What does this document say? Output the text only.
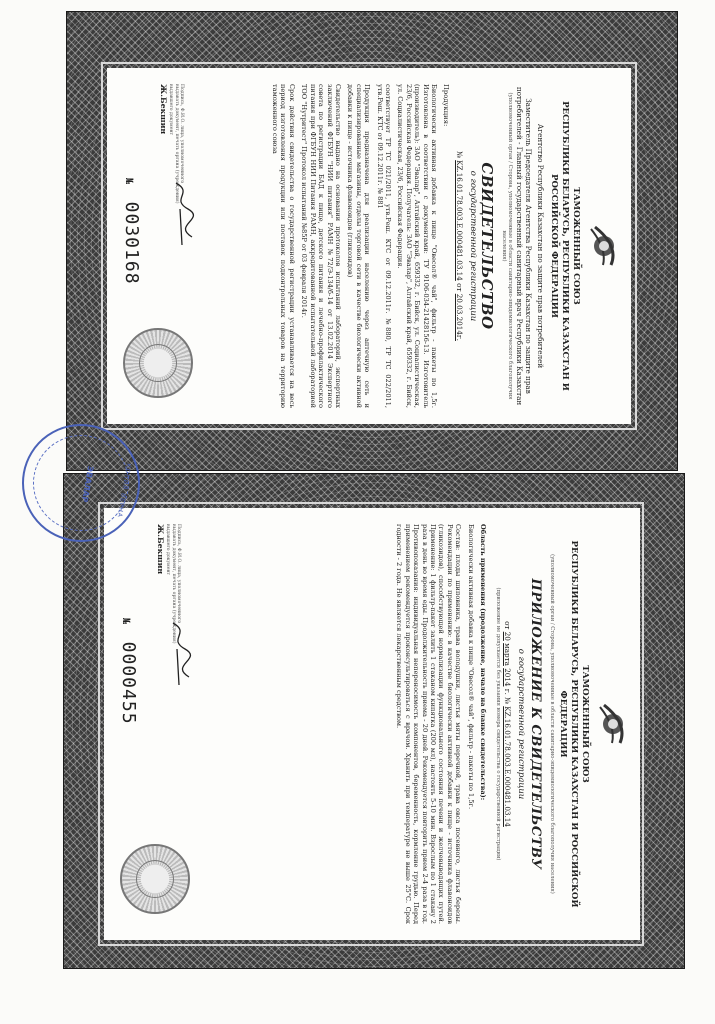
ТАМОЖЕННЫЙ СОЮЗ
РЕСПУБЛИКИ БЕЛАРУСЬ, РЕСПУБЛИКИ КАЗАХСТАН И РОССИЙСКОЙ ФЕДЕРАЦИИ
Агентство Республики Казахстан по защите прав потребителей
Заместитель Председателя Агентства Республики Казахстан по защите прав потребителей - Главный государственный санитарный врач Республики Казахстан
(уполномоченный орган / Сторона, уполномоченные в области санитарно-эпидемиологического благополучия населения)
СВИДЕТЕЛЬСТВО
о государственной регистрации
№ KZ.16.01.78.003.Е.000481.03.14 от 20.03.2014г.
Продукция:
Биологически активная добавка к пище "Овесол® чай", фильтр - пакеты по 1,5г. Изготовлена в соответствии с документами: ТУ 9106-034-21428156-13. Изготовитель (производитель): ЗАО "Эвалар", Алтайский край, 659332, г. Бийск, ул. Социалистическая, 23/6, Российская Федерация. Получатель: ЗАО "Эвалар", Алтайский край, 659332, г. Бийск, ул. Социалистическая, 23/6, Российская Федерация.
соответствует ТР ТС 021/2011, утв.Реш. КТС от 09.12.2011г. №880, ТР ТС 022/2011, утв.Реш. КТС от 09.12.2011г. № 881
Продукция предназначена для реализации населению через аптечную сеть и специализированные магазины, отделы торговой сети в качестве биологически активной добавки к пище - источника флавоноидов (гликозидов)
Свидетельство выдано на основании протоколов испытаний лабораторий, экспертных заключений ФГБУН "НИИ питания" РАМН №72/Э-134/б-14 от 13.02.2014 Экспертного совета по регистрации БАД к пище, детского питания и лечебно-профилактического питания при ФГБУН НИИ Питания РАМН, аккредитованной испытательной лабораторией ТОО "Нутритест" Протокол испытаний №85Р от 03 февраля 2014г.
Срок действия свидетельства о государственной регистрации устанавливается на весь период изготовления продукции или поставок подконтрольных товаров на территорию таможенного союза
Подпись, Ф.И.О. лица, уполномоченного выдавать документ, печать органа (учреждения) выдавшего документ
Ж.Бекшин
№ 0030168
ТАМОЖЕННЫЙ СОЮЗ
РЕСПУБЛИКИ БЕЛАРУСЬ, РЕСПУБЛИКИ КАЗАХСТАН И РОССИЙСКОЙ ФЕДЕРАЦИИ
(уполномоченный орган / Сторона, уполномоченные в области санитарно-эпидемиологического благополучия населения)
ПРИЛОЖЕНИЕ К СВИДЕТЕЛЬСТВУ
о государственной регистрации
от 20 марта 2014 г. № KZ.16.01.78.003.Е.000481.03.14
(приложение не допускается без указания номера свидетельства о государственной регистрации)
Область применения (продолжение, начало на бланке свидетельства):
Биологически активная добавка к пище "Овесол® чай", фильтр - пакеты по 1,5г.
Состав: плоды шиповника, трава володушки, листья мяты перечной, трава овса посевного, листья березы. Рекомендации по применению: в качестве биологически активной добавки к пище - источника флавоноидов (гликозидов), способствующей нормализации функционального состояния печени и желчевыводящих путей. Применение: 1 фильтр-пакет залить 1 стаканом кипятка (200 мл), настоять 5-10 мин. Взрослым по 1 стакану 2 раза в день во время еды. Продолжительность приема - 20 дней. Рекомендуется повторить прием 2-4 раза в год. Противопоказания: индивидуальная непереносимость компонентов, беременность, кормление грудью. Перед применением рекомендуется проконсультироваться с врачом. Хранить при температуре не выше 25°С. Срок годности - 2 года. Не является лекарственным средством.
Подпись, Ф.И.О. лица, уполномоченного выдавать документ, печать органа (учреждения) выдавшего документ
Ж.Бекшин
№ 0000455
КОПИЯ ВЕРНА
ЭВАЛАР
